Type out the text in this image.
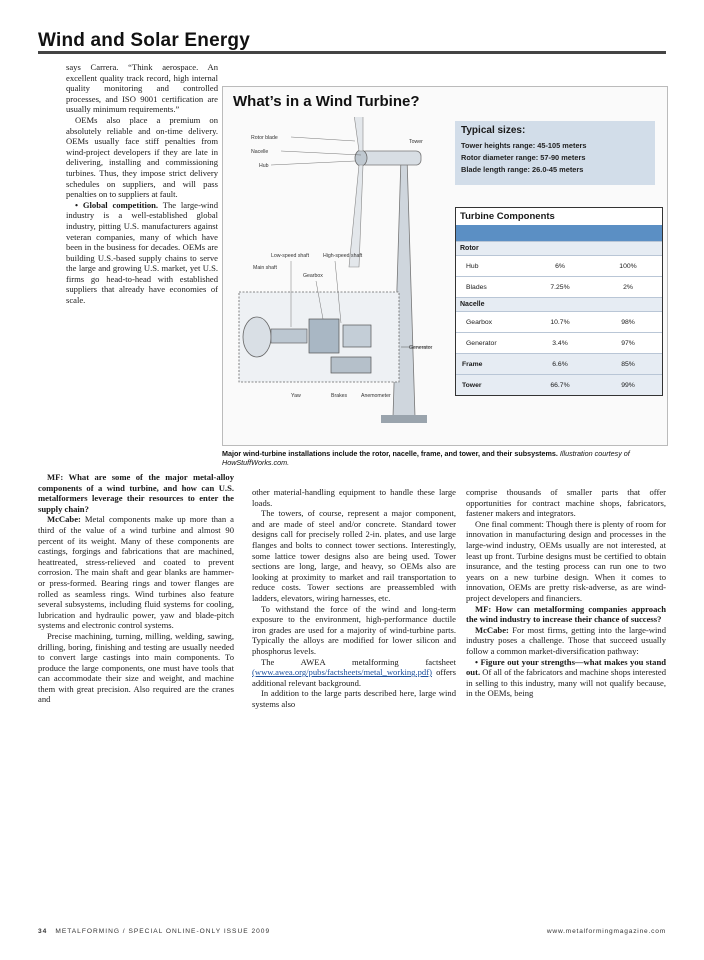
Wind and Solar Energy

says Carrera. “Think aerospace. An excellent quality track record, high internal quality monitoring and controlled processes, and ISO 9001 certification are usually minimum requirements.”

OEMs also place a premium on absolutely reliable and on-time delivery. OEMs usually face stiff penalties from wind-project developers if they are late in delivering, installing and commissioning turbines. Thus, they impose strict delivery schedules on suppliers, and will pass penalties on to suppliers at fault.

• Global competition. The large-wind industry is a well-established global industry, pitting U.S. manufacturers against veteran companies, many of which have been in the business for decades. OEMs are building U.S.-based supply chains to serve the large and growing U.S. market, yet U.S. firms go head-to-head with established suppliers that already have economies of scale.

MF: What are some of the major metal-alloy components of a wind turbine, and how can U.S. metalformers leverage their resources to enter the supply chain?

McCabe: Metal components make up more than a third of the value of a wind turbine and almost 90 percent of its weight. Many of these components are castings, forgings and fabrications that are machined, heattreated, stress-relieved and coated to prevent corrosion. The main shaft and gear blanks are hammer- or press-formed. Bearing rings and tower flanges are rolled as seamless rings. Wind turbines also feature several subsystems, including fluid systems for cooling, lubrication and hydraulic power, yaw and blade-pitch systems and electronic control systems.

Precise machining, turning, milling, welding, sawing, drilling, boring, finishing and testing are usually needed to convert large castings into main components. To produce the large components, one must have tools that can accommodate their size and weight, and machine them with great precision. Also required are the cranes and

other material-handling equipment to handle these large loads.

The towers, of course, represent a major component, and are made of steel and/or concrete. Standard tower designs call for precisely rolled 2-in. plates, and use large flanges and bolts to connect tower sections. Interestingly, some lattice tower designs also are being used. Tower sections are long, large, and heavy, so OEMs also are looking at proximity to market and rail transportation to reduce costs. Tower sections are preassembled with ladders, elevators, wiring harnesses, etc.

To withstand the force of the wind and long-term exposure to the environment, high-performance ductile iron grades are used for a majority of wind-turbine parts. Typically the alloys are modified for lower silicon and phosphorus levels.

The AWEA metalforming factsheet (www.awea.org/pubs/factsheets/metal_working.pdf) offers additional relevant background.

In addition to the large parts described here, large wind systems also

comprise thousands of smaller parts that offer opportunities for contract machine shops, fabricators, fastener makers and integrators.

One final comment: Though there is plenty of room for innovation in manufacturing design and processes in the large-wind industry, OEMs usually are not interested, at least up front. Turbine designs must be certified to obtain insurance, and the testing process can run one to two years on a new turbine design. When it comes to innovation, OEMs are pretty risk-adverse, as are wind-project developers and financiers.

MF: How can metalforming companies approach the wind industry to increase their chance of success?

McCabe: For most firms, getting into the large-wind industry poses a challenge. Those that succeed usually follow a common market-diversification pathway:

• Figure out your strengths—what makes you stand out. Of all of the fabricators and machine shops interested in selling to this industry, many will not qualify because, in the OEMs, being

What’s in a Wind Turbine?
Rotor blade
Nacelle
Hub
Tower
Low-speed shaft	High-speed shaft
Main shaft
Gearbox
Generator
Yaw	Brakes	Anemometer
Typical sizes:
Tower heights range: 45-105 meters
Rotor diameter range: 57-90 meters
Blade length range: 26.0-45 meters
Turbine Components
Rotor
Hub	6%	100%
Blades	7.25%	2%
Nacelle
Gearbox	10.7%	98%
Generator	3.4%	97%
Frame	6.6%	85%
Tower	66.7%	99%
Major wind-turbine installations include the rotor, nacelle, frame, and tower, and their subsystems. Illustration courtesy of HowStuffWorks.com.
34 METALFORMING / SPECIAL ONLINE-ONLY ISSUE 2009	www.metalformingmagazine.com
